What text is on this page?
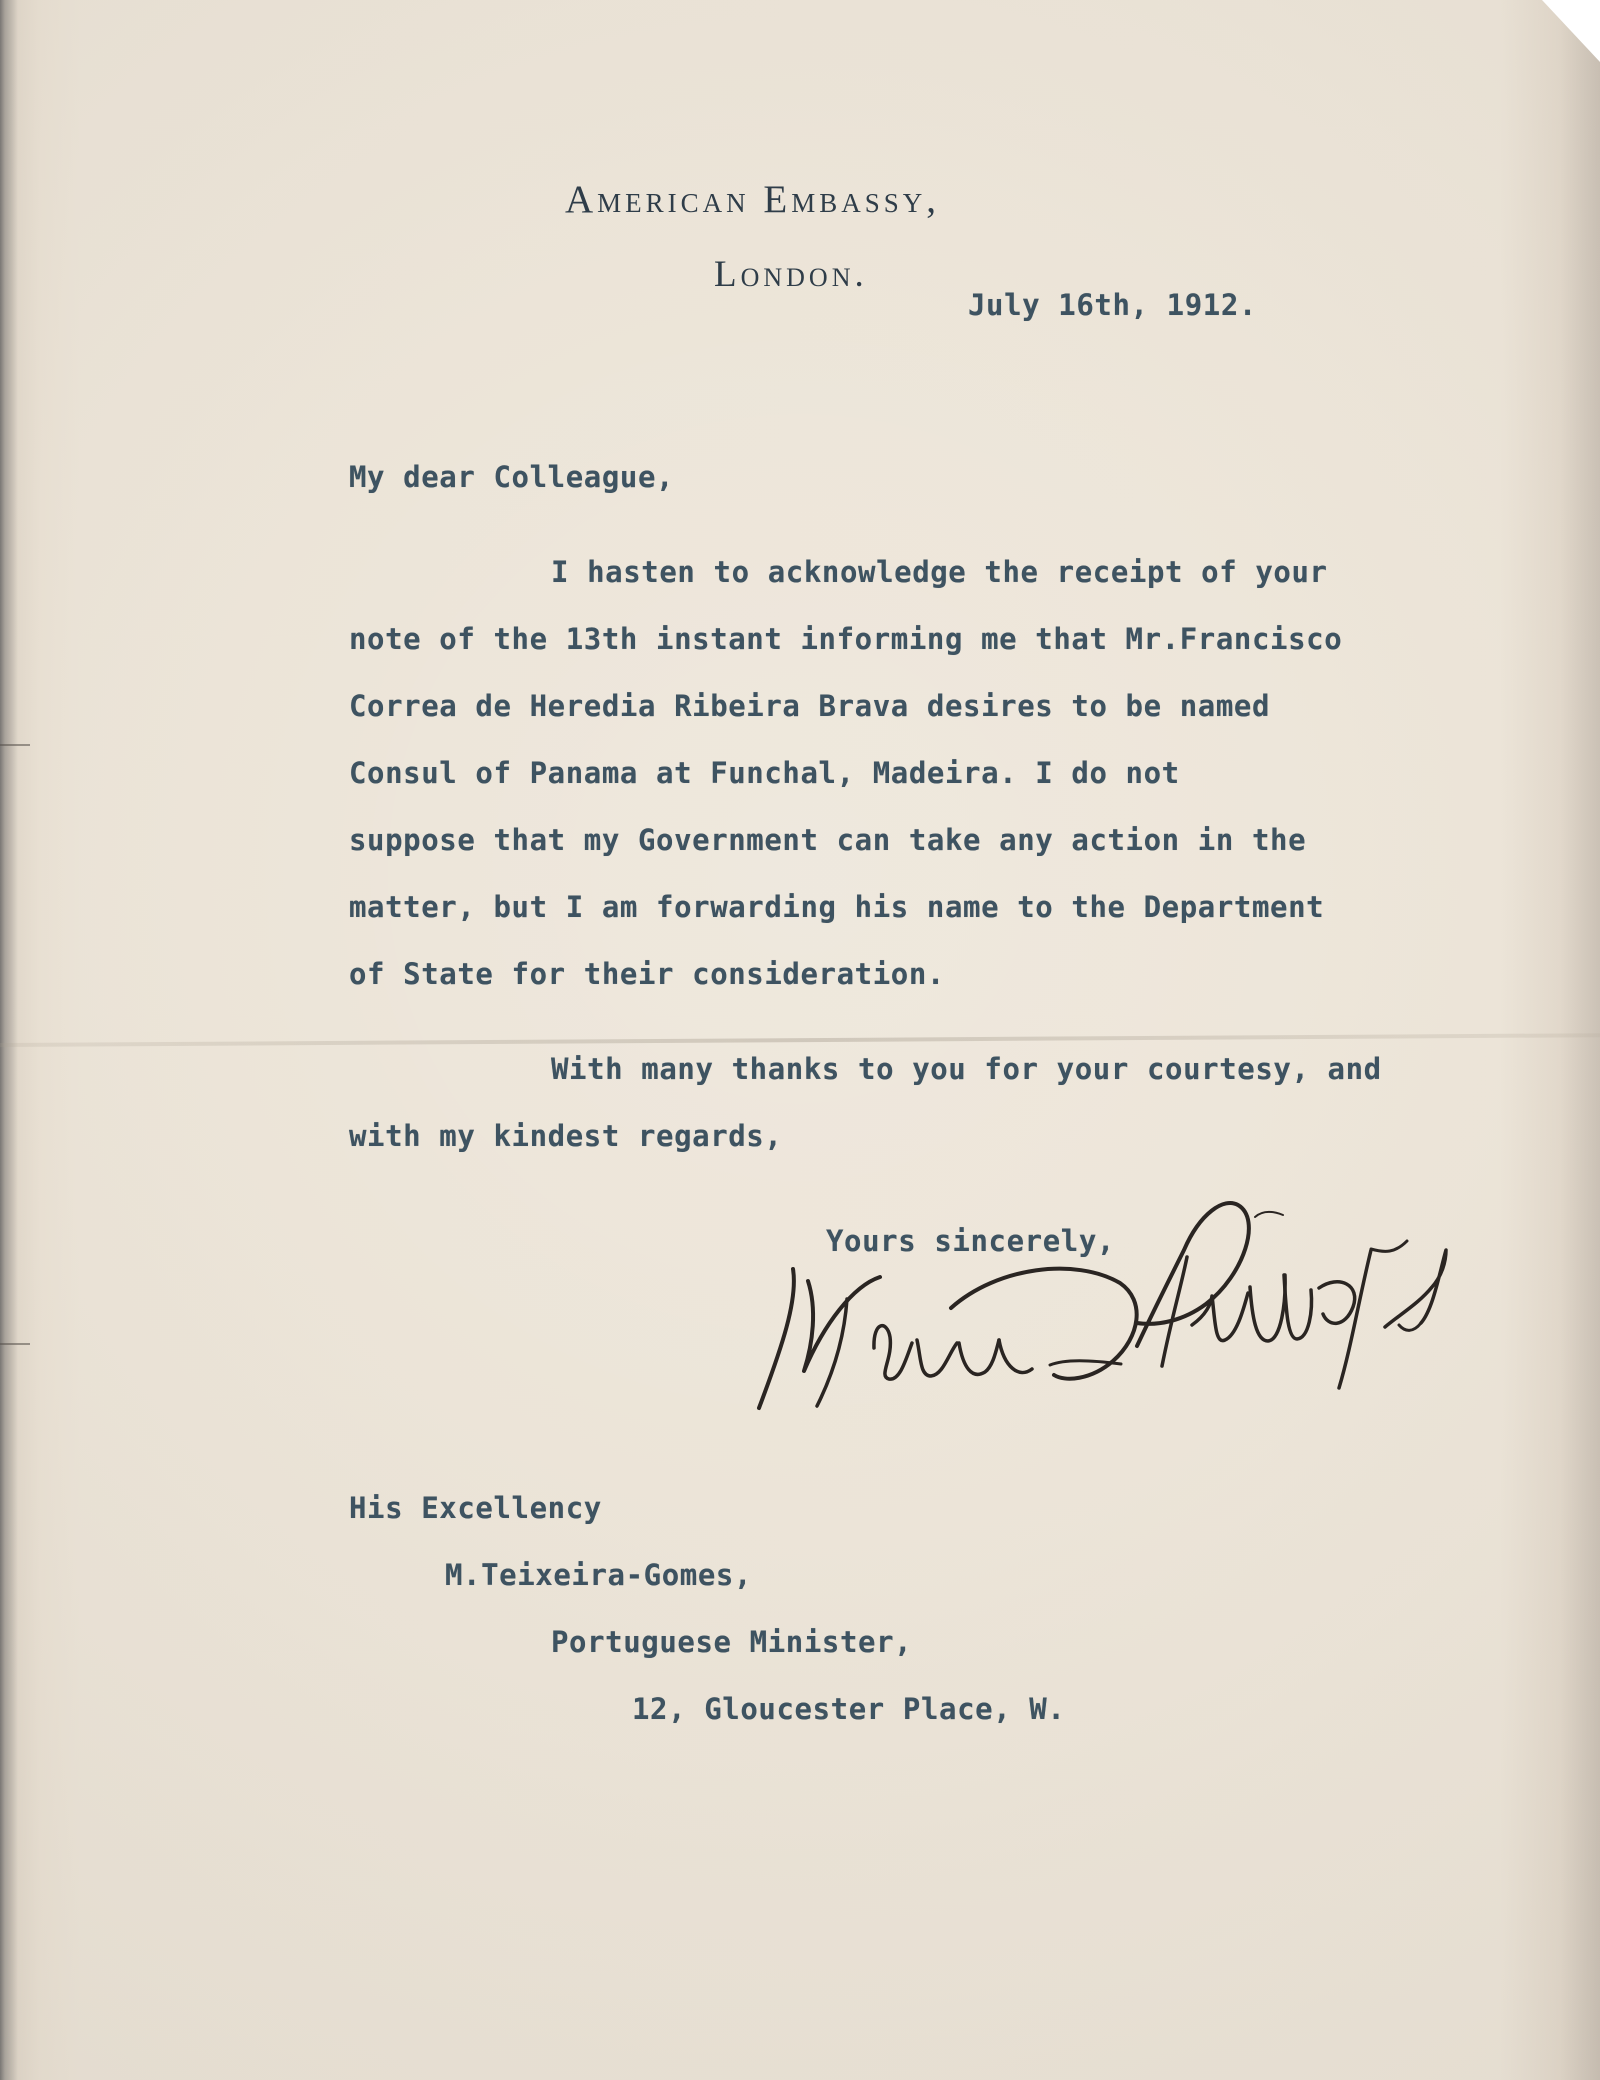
American Embassy,
London.
July 16th, 1912.
My dear Colleague,
I hasten to acknowledge the receipt of your
note of the 13th instant informing me that Mr.Francisco
Correa de Heredia Ribeira Brava desires to be named
Consul of Panama at Funchal, Madeira. I do not
suppose that my Government can take any action in the
matter, but I am forwarding his name to the Department
of State for their consideration.
With many thanks to you for your courtesy, and
with my kindest regards,
Yours sincerely,
His Excellency
M.Teixeira-Gomes,
Portuguese Minister,
12, Gloucester Place, W.
